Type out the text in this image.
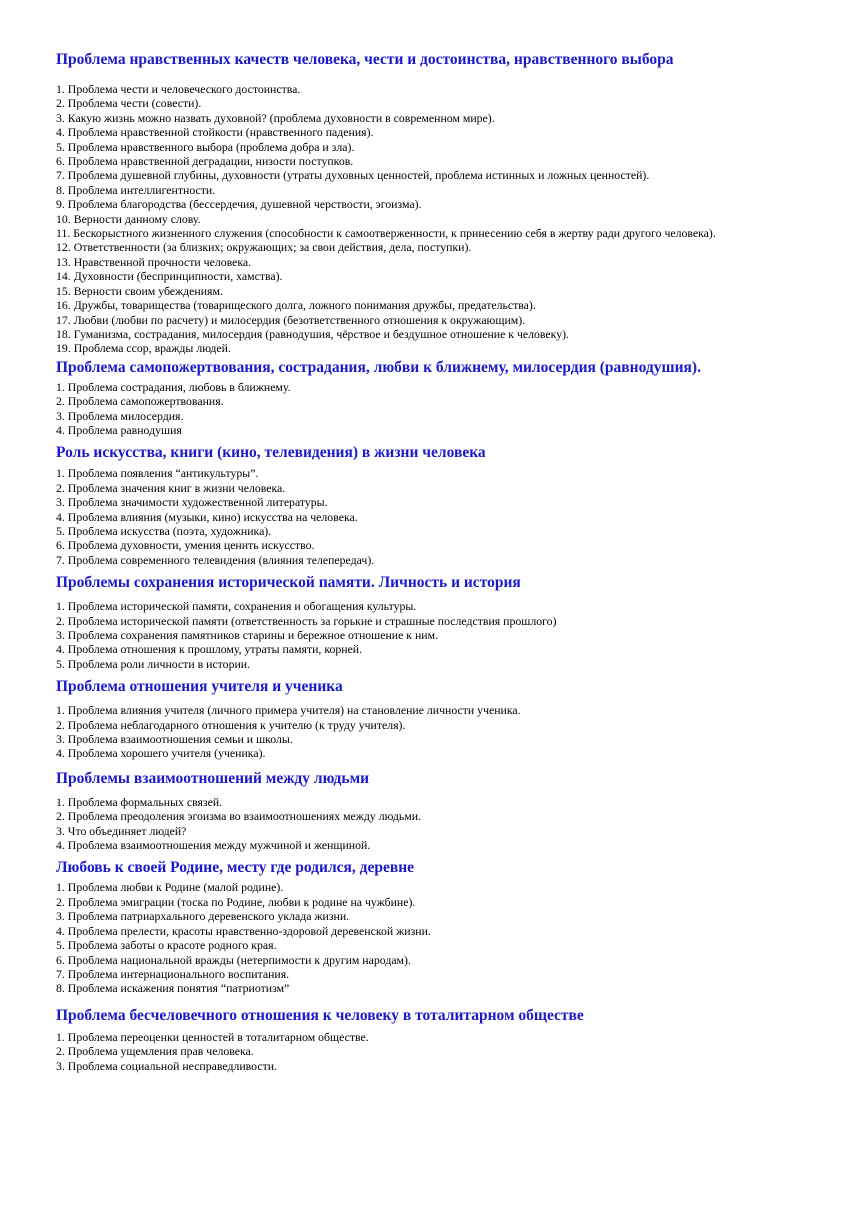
Проблема нравственных качеств человека, чести и достоинства, нравственного выбора
1. Проблема чести и человеческого достоинства.
2. Проблема чести (совести).
3. Какую жизнь можно назвать духовной? (проблема духовности в современном мире).
4. Проблема нравственной стойкости (нравственного падения).
5. Проблема нравственного выбора (проблема добра и зла).
6. Проблема нравственной деградации, низости поступков.
7. Проблема душевной глубины, духовности (утраты духовных ценностей, проблема истинных и ложных ценностей).
8. Проблема интеллигентности.
9. Проблема благородства (бессердечия, душевной черствости, эгоизма).
10. Верности данному слову.
11. Бескорыстного жизненного служения (способности к самоотверженности, к принесению себя в жертву ради другого человека).
12. Ответственности (за близких; окружающих; за свои действия, дела, поступки).
13. Нравственной прочности человека.
14. Духовности (беспринципности, хамства).
15. Верности своим убеждениям.
16. Дружбы, товарищества (товарищеского долга, ложного понимания дружбы, предательства).
17. Любви (любви по расчету) и милосердия (безответственного отношения к окружающим).
18. Гуманизма, сострадания, милосердия (равнодушия, чёрствое и бездушное отношение к человеку).
19. Проблема ссор, вражды людей.
Проблема самопожертвования, сострадания, любви к ближнему, милосердия (равнодушия).
1. Проблема сострадания, любовь в ближнему.
2. Проблема самопожертвования.
3. Проблема милосердия.
4. Проблема равнодушия
Роль искусства, книги (кино, телевидения) в жизни человека
1. Проблема появления “антикультуры”.
2. Проблема значения книг в жизни человека.
3. Проблема значимости художественной литературы.
4. Проблема влияния (музыки, кино) искусства на человека.
5. Проблема искусства (поэта, художника).
6. Проблема духовности, умения ценить искусство.
7. Проблема современного телевидения (влияния телепередач).
Проблемы сохранения исторической памяти. Личность и история
1. Проблема исторической памяти, сохранения и обогащения культуры.
2. Проблема исторической памяти (ответственность за горькие и страшные последствия прошлого)
3. Проблема сохранения памятников старины и бережное отношение к ним.
4. Проблема отношения к прошлому, утраты памяти, корней.
5. Проблема роли личности в истории.
Проблема отношения учителя и ученика
1. Проблема влияния учителя (личного примера учителя) на становление личности ученика.
2. Проблема неблагодарного отношения к учителю (к труду учителя).
3. Проблема взаимоотношения семьи и школы.
4. Проблема хорошего учителя (ученика).
Проблемы взаимоотношений между людьми
1. Проблема формальных связей.
2. Проблема преодоления эгоизма во взаимоотношениях между людьми.
3. Что объединяет людей?
4. Проблема взаимоотношения между мужчиной и женщиной.
Любовь к своей Родине, месту где родился, деревне
1. Проблема любви к Родине (малой родине).
2. Проблема эмиграции (тоска по Родине, любви к родине на чужбине).
3. Проблема патриархального деревенского уклада жизни.
4. Проблема прелести, красоты нравственно-здоровой деревенской жизни.
5. Проблема заботы о красоте родного края.
6. Проблема национальной вражды (нетерпимости к другим народам).
7. Проблема интернационального воспитания.
8. Проблема искажения понятия “патриотизм”
Проблема бесчеловечного отношения к человеку в тоталитарном обществе
1. Проблема переоценки ценностей в тоталитарном обществе.
2. Проблема ущемления прав человека.
3. Проблема социальной несправедливости.
